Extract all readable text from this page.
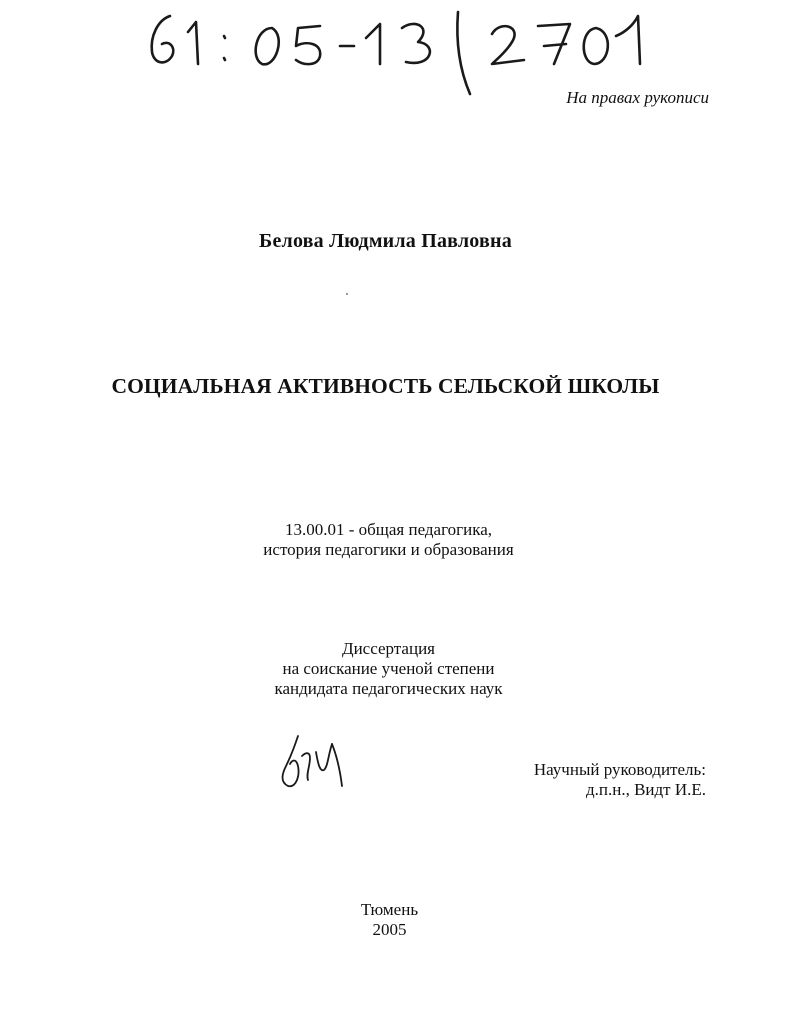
На правах рукописи
Белова Людмила Павловна
СОЦИАЛЬНАЯ АКТИВНОСТЬ СЕЛЬСКОЙ ШКОЛЫ
13.00.01 - общая педагогика,
история педагогики и образования
Диссертация
на соискание ученой степени
кандидата педагогических наук
Научный руководитель:
д.п.н., Видт И.Е.
Тюмень
2005
